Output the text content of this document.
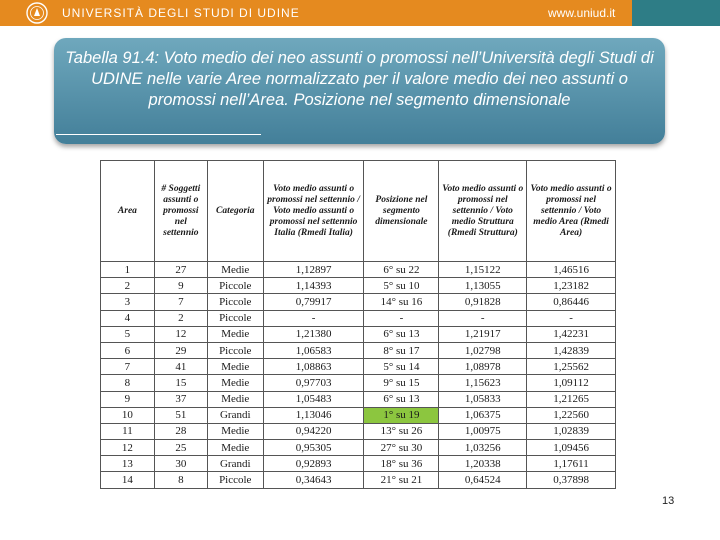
UNIVERSITÀ DEGLI STUDI DI UDINE	www.uniud.it
Tabella 91.4: Voto medio dei neo assunti o promossi nell’Università degli Studi di UDINE nelle varie Aree normalizzato per il valore medio dei neo assunti o promossi nell’Area. Posizione nel segmento dimensionale
Area	# Soggetti assunti o promossi nel settennio	Categoria	Voto medio assunti o promossi nel settennio / Voto medio assunti o promossi nel settennio Italia (Rmedi Italia)	Posizione nel segmento dimensionale	Voto medio assunti o promossi nel settennio / Voto medio Struttura (Rmedi Struttura)	Voto medio assunti o promossi nel settennio / Voto medio Area (Rmedi Area)
1	27	Medie	1,12897	6° su 22	1,15122	1,46516
2	9	Piccole	1,14393	5° su 10	1,13055	1,23182
3	7	Piccole	0,79917	14° su 16	0,91828	0,86446
4	2	Piccole	-	-	-	-
5	12	Medie	1,21380	6° su 13	1,21917	1,42231
6	29	Piccole	1,06583	8° su 17	1,02798	1,42839
7	41	Medie	1,08863	5° su 14	1,08978	1,25562
8	15	Medie	0,97703	9° su 15	1,15623	1,09112
9	37	Medie	1,05483	6° su 13	1,05833	1,21265
10	51	Grandi	1,13046	1° su 19	1,06375	1,22560
11	28	Medie	0,94220	13° su 26	1,00975	1,02839
12	25	Medie	0,95305	27° su 30	1,03256	1,09456
13	30	Grandi	0,92893	18° su 36	1,20338	1,17611
14	8	Piccole	0,34643	21° su 21	0,64524	0,37898
13
